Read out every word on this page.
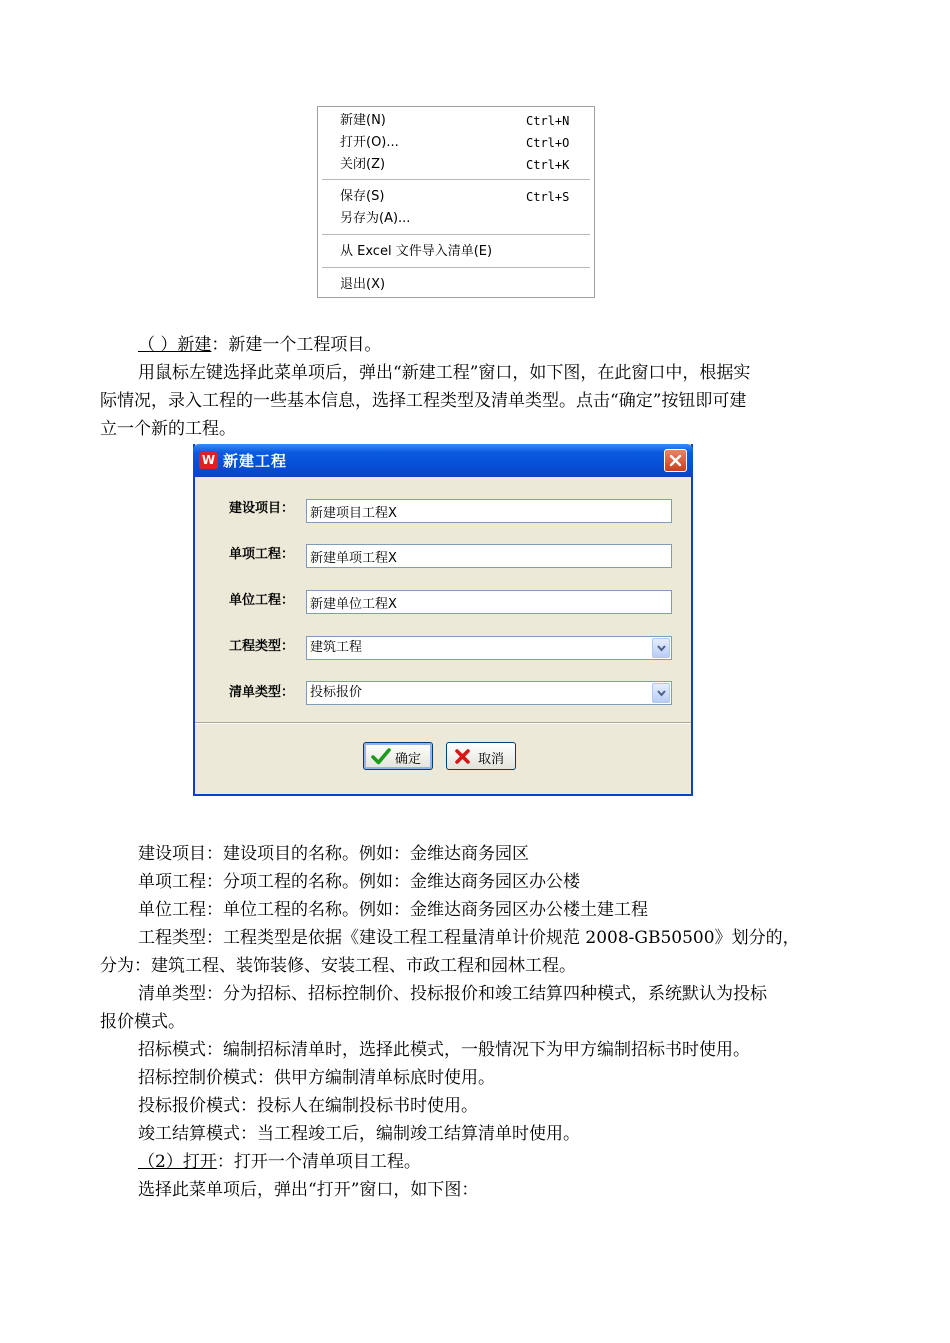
新建(N)	Ctrl+N
打开(O)...	Ctrl+O
关闭(Z)	Ctrl+K
保存(S)	Ctrl+S
另存为(A)...
从 Excel 文件导入清单(E)
退出(X)
（ ）新建：新建一个工程项目。
用鼠标左键选择此菜单项后，弹出“新建工程”窗口，如下图，在此窗口中，根据实
际情况，录入工程的一些基本信息，选择工程类型及清单类型。点击“确定”按钮即可建
立一个新的工程。
W 新建工程
建设项目：
新建项目工程X
单项工程：
新建单项工程X
单位工程：
新建单位工程X
工程类型：	建筑工程
清单类型：	投标报价
确定	取消
建设项目：建设项目的名称。例如：金维达商务园区
单项工程：分项工程的名称。例如：金维达商务园区办公楼
单位工程：单位工程的名称。例如：金维达商务园区办公楼土建工程
工程类型：工程类型是依据《建设工程工程量清单计价规范 2008-GB50500》划分的，
分为：建筑工程、装饰装修、安装工程、市政工程和园林工程。
清单类型：分为招标、招标控制价、投标报价和竣工结算四种模式，系统默认为投标
报价模式。
招标模式：编制招标清单时，选择此模式，一般情况下为甲方编制招标书时使用。
招标控制价模式：供甲方编制清单标底时使用。
投标报价模式：投标人在编制投标书时使用。
竣工结算模式：当工程竣工后，编制竣工结算清单时使用。
（2）打开：打开一个清单项目工程。
选择此菜单项后，弹出“打开”窗口，如下图：
